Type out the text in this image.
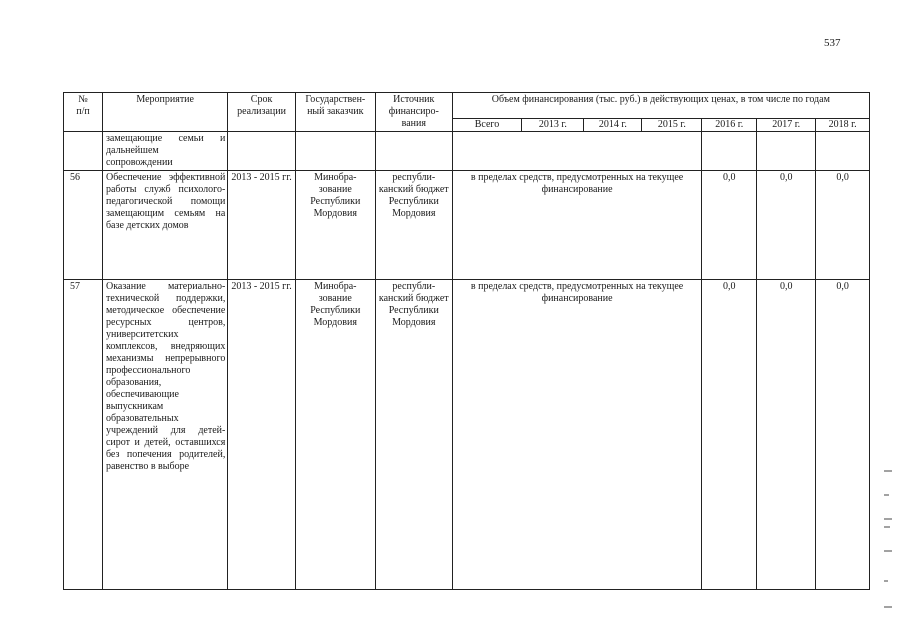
537
№
п/п	Мероприятие	Срок реализации	Государствен-ный заказчик	Источник финансиро-вания	Объем финансирования (тыс. руб.) в действующих ценах, в том числе по годам						
					Всего	2013 г.	2014 г.	2015 г.	2016 г.	2017 г.	2018 г.
	замещающие семьи и дальнейшем сопровождении										
56	Обеспечение эффективной работы служб психолого-педагогической помощи замещающим семьям на базе детских домов	2013 - 2015 гг.	Минобра-зование Республики Мордовия	республи-канский бюджет Республики Мордовия	в пределах средств, предусмотренных на текущее финансирование				0,0	0,0	0,0
57	Оказание материально-технической поддержки, методическое обеспечение ресурсных центров, университетских комплексов, внедряющих механизмы непрерывного профессионального образования, обеспечивающие выпускникам образовательных учреждений для детей-сирот и детей, оставшихся без попечения родителей, равенство в выборе	2013 - 2015 гг.	Минобра-зование Республики Мордовия	республи-канский бюджет Республики Мордовия	в пределах средств, предусмотренных на текущее финансирование				0,0	0,0	0,0
